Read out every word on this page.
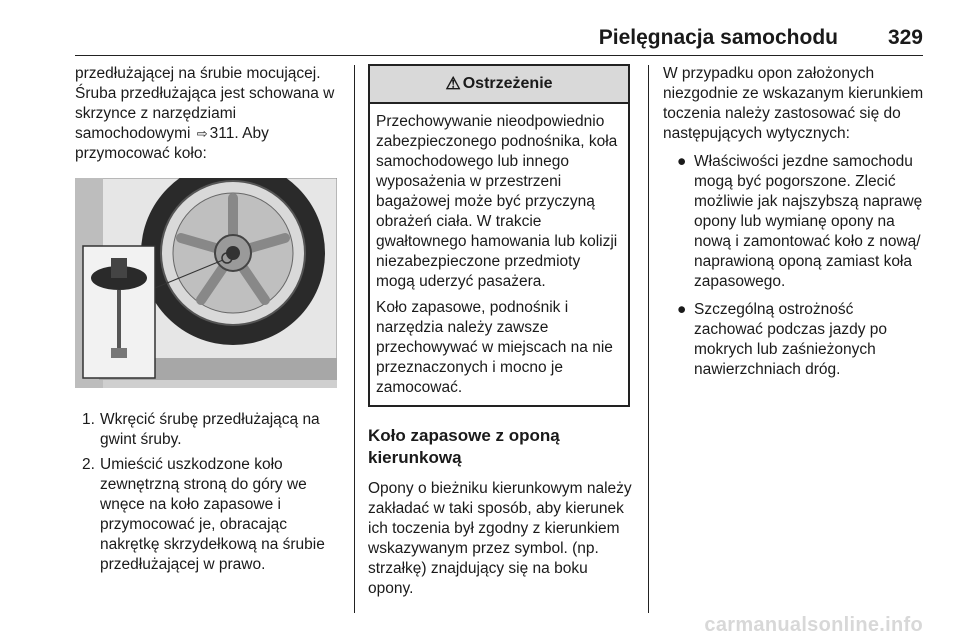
Pielęgnacja samochodu 329

przedłużającej na śrubie mocującej. Śruba przedłużająca jest schowana w skrzynce z narzędziami samochodowymi ⇨ 311. Aby przymocować koło:

1. Wkręcić śrubę przedłużającą na gwint śruby.
2. Umieścić uszkodzone koło zewnętrzną stroną do góry we wnęce na koło zapasowe i przymocować je, obracając nakrętkę skrzydełkową na śrubie przedłużającej w prawo.
⚠ Ostrzeżenie

Przechowywanie nieodpowiednio zabezpieczonego podnośnika, koła samochodowego lub innego wyposażenia w przestrzeni bagażowej może być przyczyną obrażeń ciała. W trakcie gwałtownego hamowania lub kolizji niezabezpieczone przedmioty mogą uderzyć pasażera.

Koło zapasowe, podnośnik i narzędzia należy zawsze przechowywać w miejscach na nie przeznaczonych i mocno je zamocować.

Koło zapasowe z oponą kierunkową

Opony o bieżniku kierunkowym należy zakładać w taki sposób, aby kierunek ich toczenia był zgodny z kierunkiem wskazywanym przez symbol. (np. strzałkę) znajdujący się na boku opony.

W przypadku opon założonych niezgodnie ze wskazanym kierunkiem toczenia należy zastosować się do następujących wytycznych:

● Właściwości jezdne samochodu mogą być pogorszone. Zlecić możliwie jak najszybszą naprawę opony lub wymianę opony na nową i zamontować koło z nową/ naprawioną oponą zamiast koła zapasowego.
● Szczególną ostrożność zachować podczas jazdy po mokrych lub zaśnieżonych nawierzchniach dróg.
carmanualsonline.info
